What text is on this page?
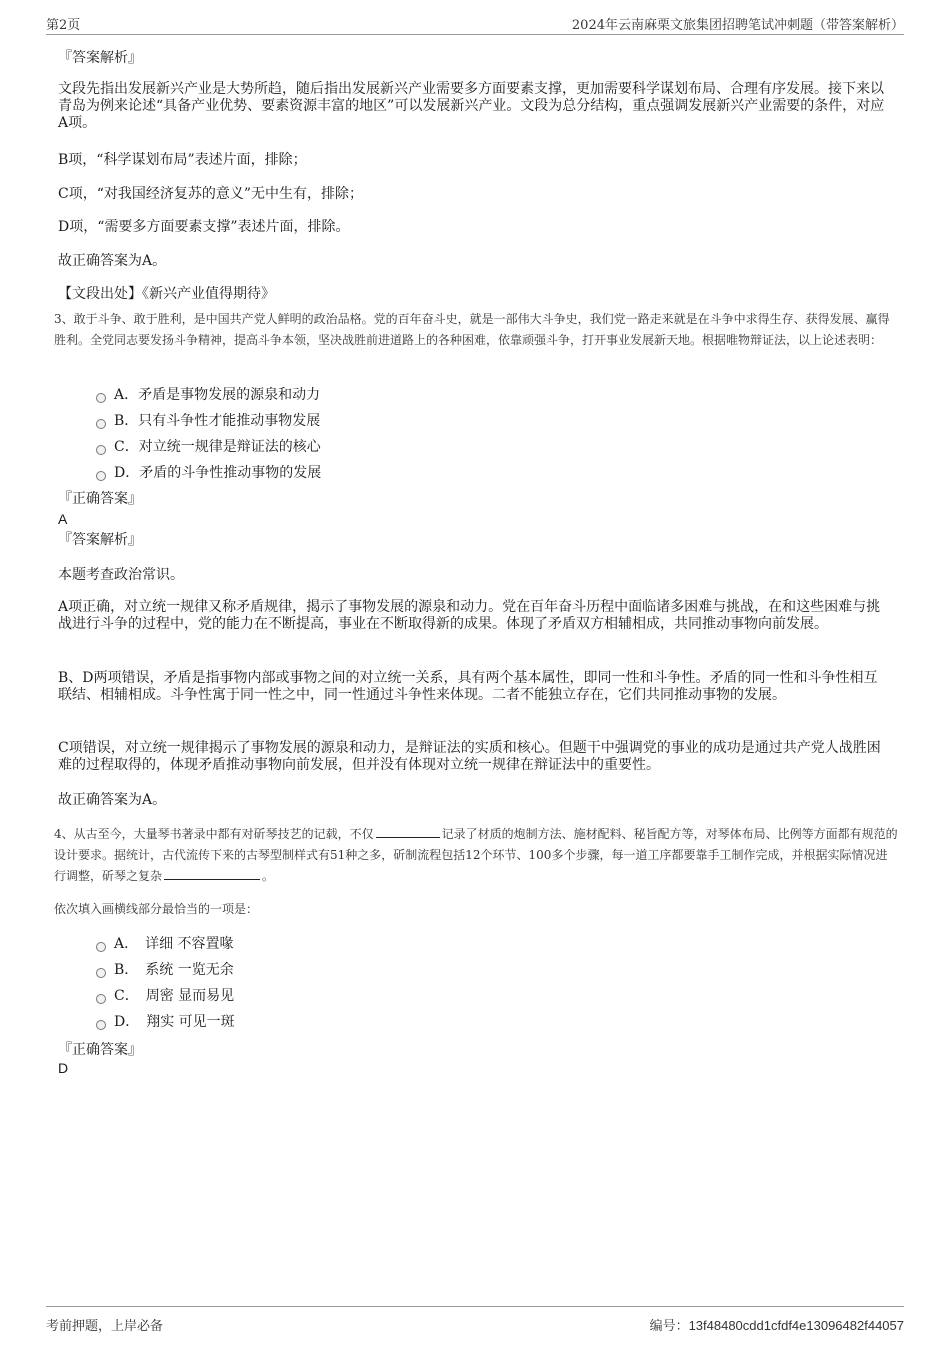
第2页	2024年云南麻栗文旅集团招聘笔试冲刺题（带答案解析）
『答案解析』
文段先指出发展新兴产业是大势所趋，随后指出发展新兴产业需要多方面要素支撑，更加需要科学谋划布局、合理有序发展。接下来以青岛为例来论述“具备产业优势、要素资源丰富的地区”可以发展新兴产业。文段为总分结构，重点强调发展新兴产业需要的条件，对应A项。
B项，“科学谋划布局”表述片面，排除；
C项，“对我国经济复苏的意义”无中生有，排除；
D项，“需要多方面要素支撑”表述片面，排除。
故正确答案为A。
【文段出处】《新兴产业值得期待》
3、敢于斗争、敢于胜利，是中国共产党人鲜明的政治品格。党的百年奋斗史，就是一部伟大斗争史，我们党一路走来就是在斗争中求得生存、获得发展、赢得胜利。全党同志要发扬斗争精神，提高斗争本领，坚决战胜前进道路上的各种困难，依靠顽强斗争，打开事业发展新天地。根据唯物辩证法，以上论述表明：
A．矛盾是事物发展的源泉和动力
B．只有斗争性才能推动事物发展
C．对立统一规律是辩证法的核心
D．矛盾的斗争性推动事物的发展
『正确答案』
A
『答案解析』
本题考查政治常识。
A项正确，对立统一规律又称矛盾规律，揭示了事物发展的源泉和动力。党在百年奋斗历程中面临诸多困难与挑战，在和这些困难与挑战进行斗争的过程中，党的能力在不断提高，事业在不断取得新的成果。体现了矛盾双方相辅相成，共同推动事物向前发展。
B、D两项错误，矛盾是指事物内部或事物之间的对立统一关系，具有两个基本属性，即同一性和斗争性。矛盾的同一性和斗争性相互联结、相辅相成。斗争性寓于同一性之中，同一性通过斗争性来体现。二者不能独立存在，它们共同推动事物的发展。
C项错误，对立统一规律揭示了事物发展的源泉和动力，是辩证法的实质和核心。但题干中强调党的事业的成功是通过共产党人战胜困难的过程取得的，体现矛盾推动事物向前发展，但并没有体现对立统一规律在辩证法中的重要性。
故正确答案为A。
4、从古至今，大量琴书著录中都有对斫琴技艺的记载，不仅	记录了材质的炮制方法、施材配料、秘旨配方等，对琴体布局、比例等方面都有规范的设计要求。据统计，古代流传下来的古琴型制样式有51种之多，斫制流程包括12个环节、100多个步骤，每一道工序都要靠手工制作完成，并根据实际情况进行调整，斫琴之复杂	。
依次填入画横线部分最恰当的一项是：
A．　详细 不容置喙
B．　系统 一览无余
C．　周密 显而易见
D．　翔实 可见一斑
『正确答案』
D
考前押题，上岸必备	编号：13f48480cdd1cfdf4e13096482f44057
